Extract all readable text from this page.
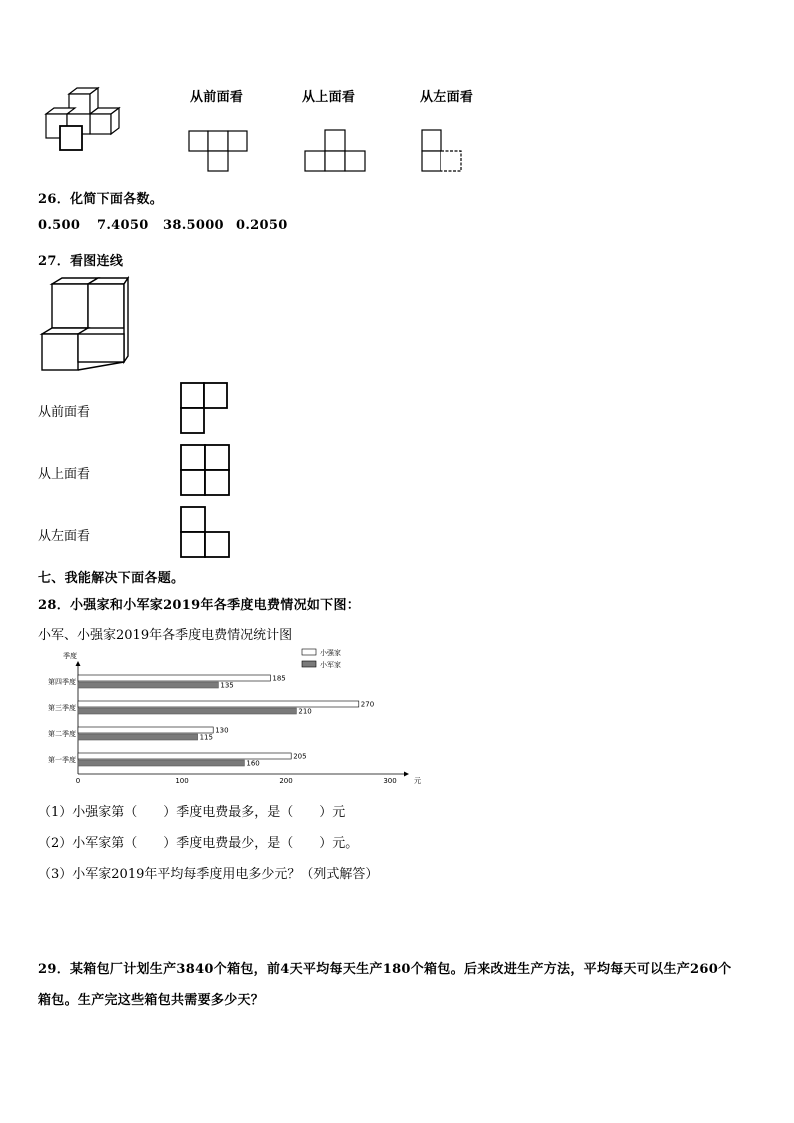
从前面看	从上面看	从左面看
26．化简下面各数。
0.500 7.4050 38.5000 0.2050
27．看图连线
从前面看
从上面看
从左面看
七、我能解决下面各题。
28．小强家和小军家2019年各季度电费情况如下图：
小军、小强家2019年各季度电费情况统计图
季度
元
0	100	200	300
小强家
小军家
第四季度	185
135
第三季度	270
210
第二季度	130
115
第一季度	205
160
（1）小强家第（　　）季度电费最多，是（　　）元
（2）小军家第（　　）季度电费最少，是（　　）元。
（3）小军家2019年平均每季度用电多少元？（列式解答）
29．某箱包厂计划生产3840个箱包，前4天平均每天生产180个箱包。后来改进生产方法，平均每天可以生产260个
箱包。生产完这些箱包共需要多少天？
